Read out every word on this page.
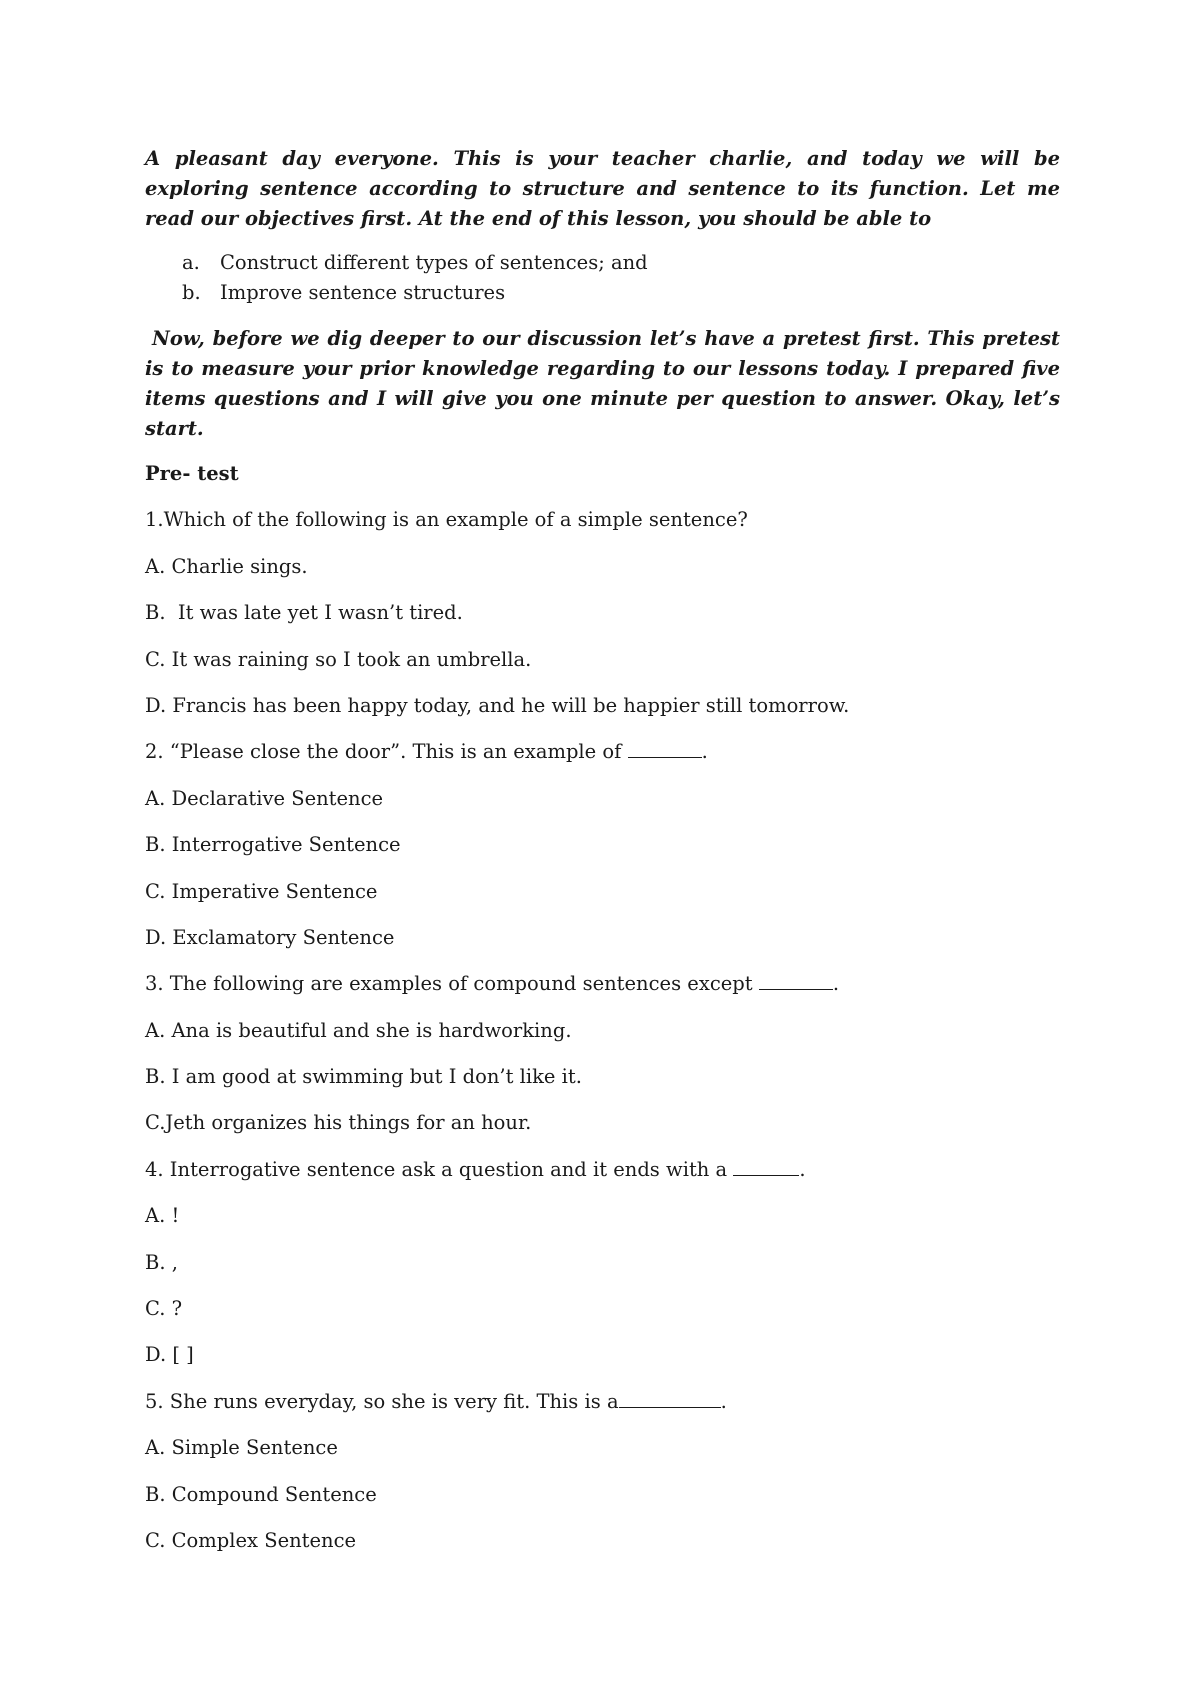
A pleasant day everyone. This is your teacher charlie, and today we will be exploring sentence according to structure and sentence to its function. Let me read our objectives first. At the end of this lesson, you should be able to

a.	Construct different types of sentences; and
b. Improve sentence structures

Now, before we dig deeper to our discussion let’s have a pretest first. This pretest is to measure your prior knowledge regarding to our lessons today. I prepared five items questions and I will give you one minute per question to answer. Okay, let’s start.

Pre- test

1.Which of the following is an example of a simple sentence?

A. Charlie sings.

B.  It was late yet I wasn’t tired.

C. It was raining so I took an umbrella.

D. Francis has been happy today, and he will be happier still tomorrow.

2. “Please close the door”. This is an example of	.

A. Declarative Sentence

B. Interrogative Sentence

C. Imperative Sentence

D. Exclamatory Sentence

3. The following are examples of compound sentences except	.

A. Ana is beautiful and she is hardworking.

B. I am good at swimming but I don’t like it.

C.Jeth organizes his things for an hour.

4. Interrogative sentence ask a question and it ends with a	.

A. !

B. ,

C. ?

D. [ ]

5. She runs everyday, so she is very fit. This is a	.

A. Simple Sentence

B. Compound Sentence

C. Complex Sentence
